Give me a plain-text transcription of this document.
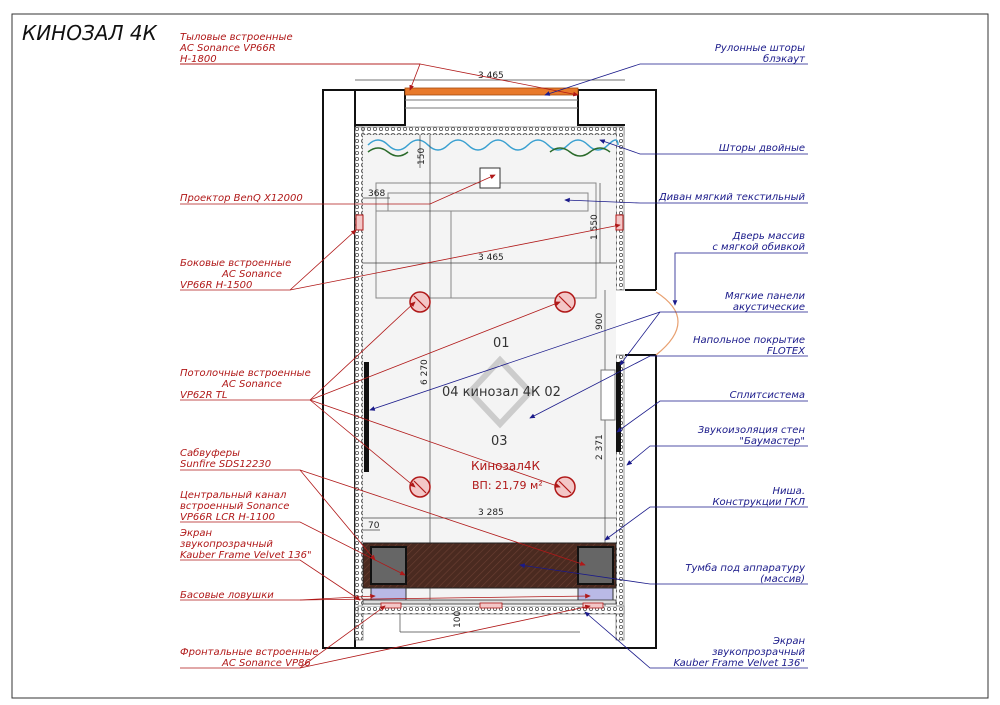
КИНОЗАЛ 4К
3 465
3 465
3 285
6 270
2 371
900
1 550
150
368
70
100
01
04 кинозал 4К 02
03
Кинозал4К
ВП: 21,79 м²
Тыловые встроенные
AC Sonance VP66R
H-1800
Проектор BenQ X12000
Боковые встроенные
AC Sonance
VP66R H-1500
Потолочные встроенные
AC Sonance
VP62R TL
Сабвуферы
Sunfire SDS12230
Центральный канал
встроенный Sonance
VP66R LCR H-1100
Экран
звукопрозрачный
Kauber Frame Velvet 136"
Басовые ловушки
Фронтальные встроенные
AC Sonance VP86
Рулонные шторы
блэкаут
Шторы двойные
Диван мягкий текстильный
Дверь массив
с мягкой обивкой
Мягкие панели
акустические
Напольное покрытие
FLOTEX
Сплитсистема
Звукоизоляция стен
"Баумастер"
Ниша.
Конструкции ГКЛ
Тумба под аппаратуру
(массив)
Экран
звукопрозрачный
Kauber Frame Velvet 136"
